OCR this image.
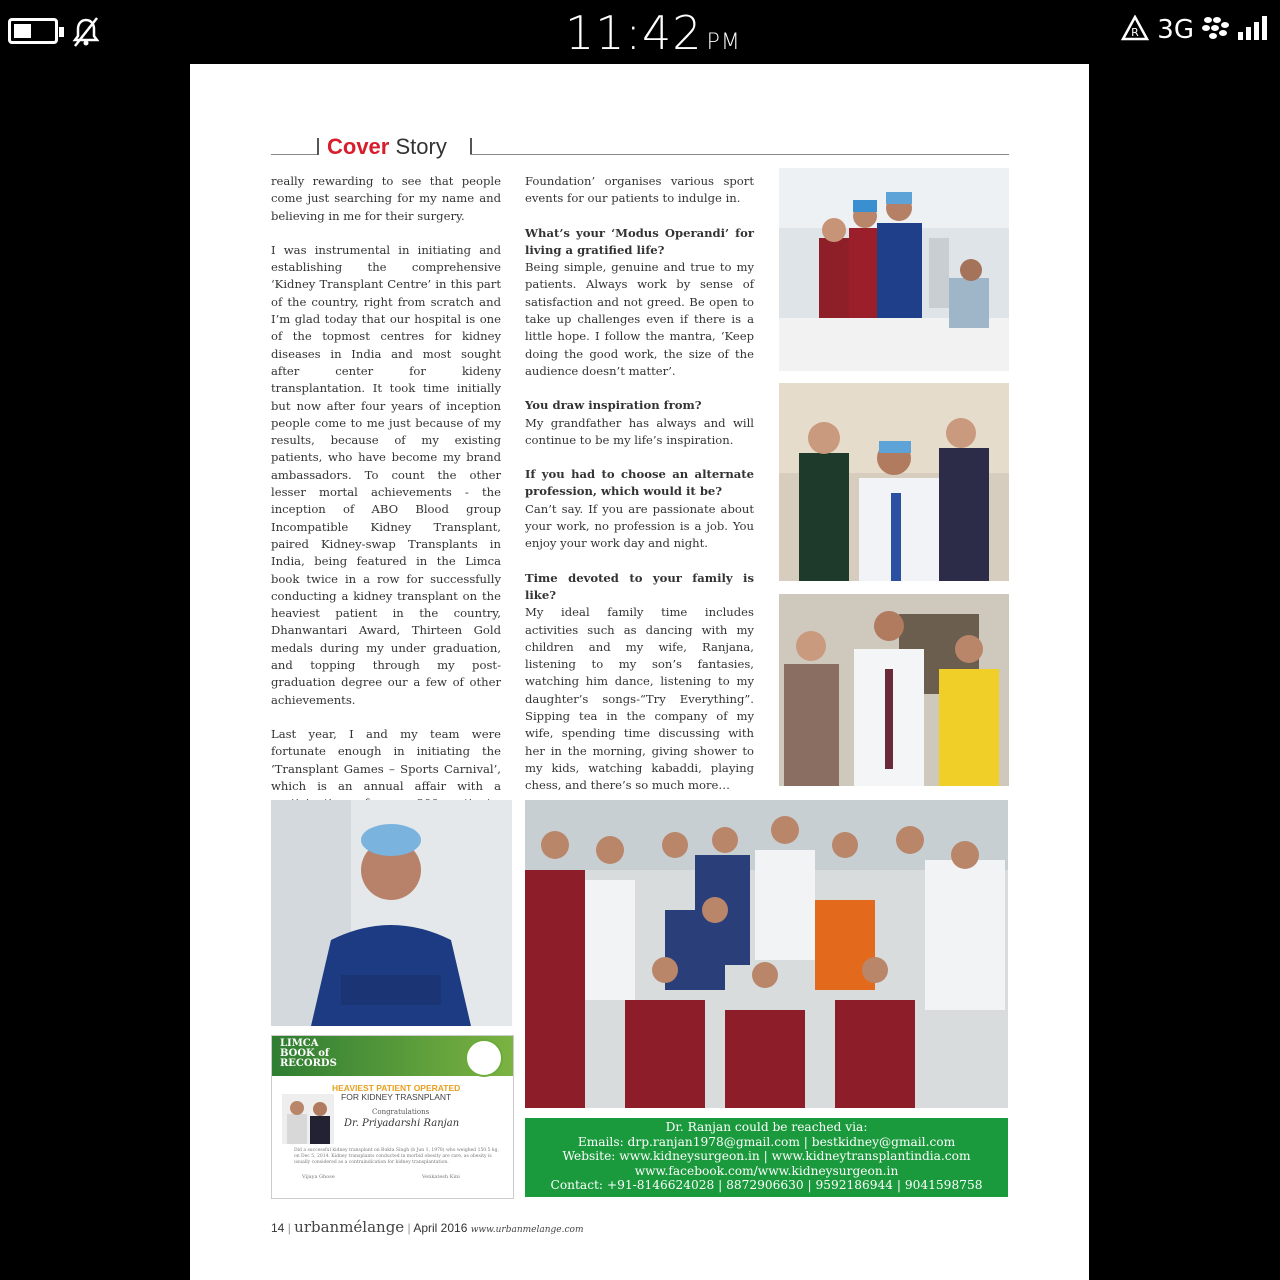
11:42 PM	R 3G
Cover Story

really rewarding to see that people come just searching for my name and believing in me for their surgery.

I was instrumental in initiating and establishing the comprehensive ‘Kidney Transplant Centre’ in this part of the country, right from scratch and I’m glad today that our hospital is one of the topmost centres for kidney diseases in India and most sought after center for kideny transplantation. It took time initially but now after four years of inception people come to me just because of my results, because of my existing patients, who have become my brand ambassadors. To count the other lesser mortal achievements - the inception of ABO Blood group Incompatible Kidney Transplant, paired Kidney-swap Transplants in India, being featured in the Limca book twice in a row for successfully conducting a kidney transplant on the heaviest patient in the country, Dhanwantari Award, Thirteen Gold medals during my under graduation, and topping through my post-graduation degree our a few of other achievements.

Last year, I and my team were fortunate enough in initiating the ‘Transplant Games – Sports Carnival’, which is an annual affair with a

Foundation’ organises various sport events for our patients to indulge in.

What’s your ‘Modus Operandi’ for living a gratified life?
Being simple, genuine and true to my patients. Always work by sense of satisfaction and not greed. Be open to take up challenges even if there is a little hope. I follow the mantra, ‘Keep doing the good work, the size of the audience doesn’t matter’.

You draw inspiration from?
My grandfather has always and will continue to be my life’s inspiration.

If you had to choose an alternate profession, which would it be?
Can’t say. If you are passionate about your work, no profession is a job. You enjoy your work day and night.

Time devoted to your family is like?
My ideal family time includes activities such as dancing with my children and my wife, Ranjana, listening to my son’s fantasies, watching him dance, listening to my daughter’s songs-“Try Everything”. Sipping tea in the company of my wife, spending time discussing with her in the morning, giving shower to my kids, watching kabaddi, playing chess, and there’s so much more…

LIMCA
BOOK of
RECORDS
HEAVIEST PATIENT OPERATED
FOR KIDNEY TRASNPLANT
Congratulations
Dr. Priyadarshi Ranjan
Did a successful kidney transplant on Bukta Singh (b Jun 1, 1978) who weighed 150.5 kg, on Dec 5, 2014. Kidney transplants conducted in morbid obesity are rare, as obesity is usually considered as a contraindication for kidney transplantation.
Vijaya Ghose	Venkatesh Kini
Dr. Ranjan could be reached via:
Emails: drp.ranjan1978@gmail.com | bestkidney@gmail.com
Website: www.kidneysurgeon.in | www.kidneytransplantindia.com
www.facebook.com/www.kidneysurgeon.in
Contact: +91-8146624028 | 8872906630 | 9592186944 | 9041598758
14 | urbanmélange | April 2016 www.urbanmelange.com
